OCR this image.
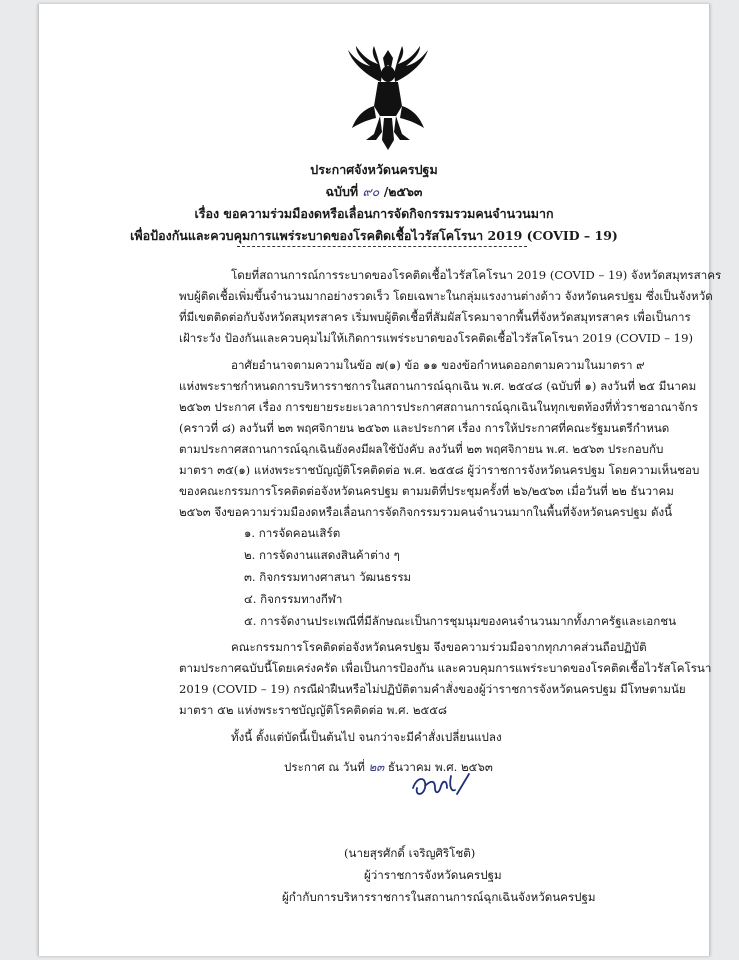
ประกาศจังหวัดนครปฐม
ฉบับที่ ๙๐ /๒๕๖๓
เรื่อง ขอความร่วมมืองดหรือเลื่อนการจัดกิจกรรมรวมคนจำนวนมาก
เพื่อป้องกันและควบคุมการแพร่ระบาดของโรคติดเชื้อไวรัสโคโรนา 2019 (COVID – 19)
โดยที่สถานการณ์การระบาดของโรคติดเชื้อไวรัสโคโรนา 2019 (COVID – 19) จังหวัดสมุทรสาคร
พบผู้ติดเชื้อเพิ่มขึ้นจำนวนมากอย่างรวดเร็ว โดยเฉพาะในกลุ่มแรงงานต่างด้าว จังหวัดนครปฐม ซึ่งเป็นจังหวัด
ที่มีเขตติดต่อกับจังหวัดสมุทรสาคร เริ่มพบผู้ติดเชื้อที่สัมผัสโรคมาจากพื้นที่จังหวัดสมุทรสาคร เพื่อเป็นการ
เฝ้าระวัง ป้องกันและควบคุมไม่ให้เกิดการแพร่ระบาดของโรคติดเชื้อไวรัสโคโรนา 2019 (COVID – 19)
อาศัยอำนาจตามความในข้อ ๗(๑) ข้อ ๑๑ ของข้อกำหนดออกตามความในมาตรา ๙
แห่งพระราชกำหนดการบริหารราชการในสถานการณ์ฉุกเฉิน พ.ศ. ๒๕๔๘ (ฉบับที่ ๑) ลงวันที่ ๒๕ มีนาคม
๒๕๖๓ ประกาศ เรื่อง การขยายระยะเวลาการประกาศสถานการณ์ฉุกเฉินในทุกเขตท้องที่ทั่วราชอาณาจักร
(คราวที่ ๘) ลงวันที่ ๒๓ พฤศจิกายน ๒๕๖๓ และประกาศ เรื่อง การให้ประกาศที่คณะรัฐมนตรีกำหนด
ตามประกาศสถานการณ์ฉุกเฉินยังคงมีผลใช้บังคับ ลงวันที่ ๒๓ พฤศจิกายน พ.ศ. ๒๕๖๓ ประกอบกับ
มาตรา ๓๕(๑) แห่งพระราชบัญญัติโรคติดต่อ พ.ศ. ๒๕๕๘ ผู้ว่าราชการจังหวัดนครปฐม โดยความเห็นชอบ
ของคณะกรรมการโรคติดต่อจังหวัดนครปฐม ตามมติที่ประชุมครั้งที่ ๒๖/๒๕๖๓ เมื่อวันที่ ๒๒ ธันวาคม
๒๕๖๓ จึงขอความร่วมมืองดหรือเลื่อนการจัดกิจกรรมรวมคนจำนวนมากในพื้นที่จังหวัดนครปฐม ดังนี้
๑. การจัดคอนเสิร์ต
๒. การจัดงานแสดงสินค้าต่าง ๆ
๓. กิจกรรมทางศาสนา วัฒนธรรม
๔. กิจกรรมทางกีฬา
๕. การจัดงานประเพณีที่มีลักษณะเป็นการชุมนุมของคนจำนวนมากทั้งภาครัฐและเอกชน
คณะกรรมการโรคติดต่อจังหวัดนครปฐม จึงขอความร่วมมือจากทุกภาคส่วนถือปฏิบัติ
ตามประกาศฉบับนี้โดยเคร่งครัด เพื่อเป็นการป้องกัน และควบคุมการแพร่ระบาดของโรคติดเชื้อไวรัสโคโรนา
2019 (COVID – 19) กรณีฝ่าฝืนหรือไม่ปฏิบัติตามคำสั่งของผู้ว่าราชการจังหวัดนครปฐม มีโทษตามนัย
มาตรา ๕๒ แห่งพระราชบัญญัติโรคติดต่อ พ.ศ. ๒๕๕๘
ทั้งนี้ ตั้งแต่บัดนี้เป็นต้นไป จนกว่าจะมีคำสั่งเปลี่ยนแปลง
ประกาศ ณ วันที่ ๒๓ ธันวาคม พ.ศ. ๒๕๖๓
(นายสุรศักดิ์ เจริญศิริโชติ)
ผู้ว่าราชการจังหวัดนครปฐม
ผู้กำกับการบริหารราชการในสถานการณ์ฉุกเฉินจังหวัดนครปฐม
